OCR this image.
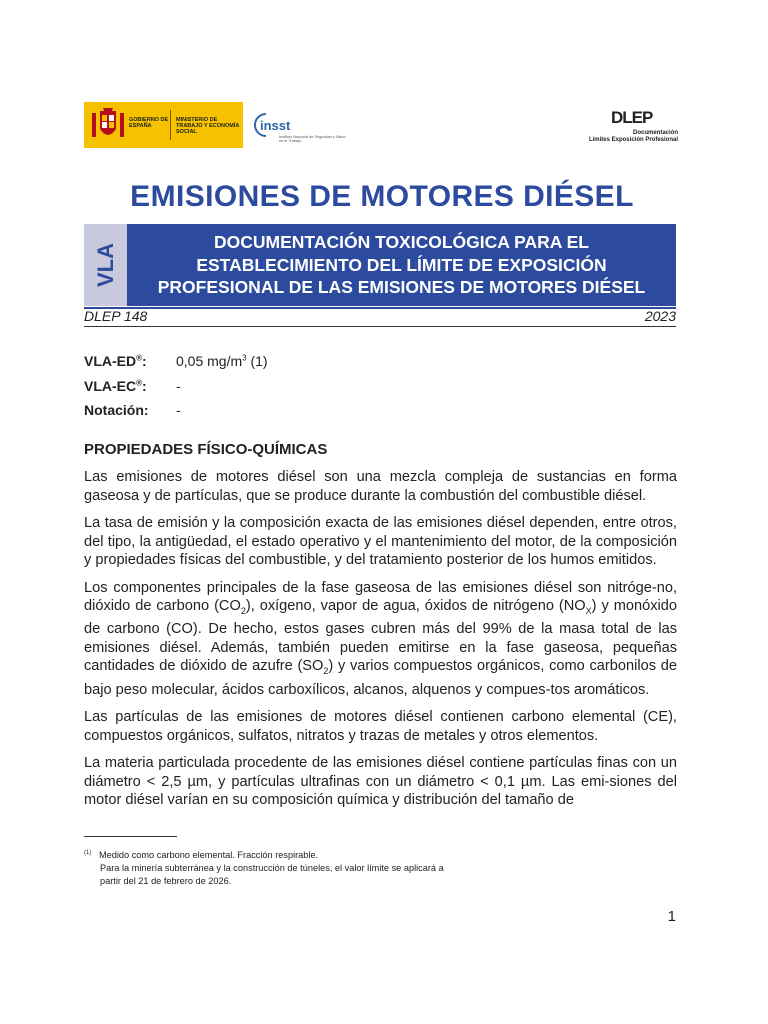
GOBIERNO DE ESPAÑA
MINISTERIO DE TRABAJO Y ECONOMÍA SOCIAL	insst
Instituto Nacional de Seguridad y Salud en el Trabajo
DLEP
Documentación
Límites Exposición Profesional
EMISIONES DE MOTORES DIÉSEL
VLA
DOCUMENTACIÓN TOXICOLÓGICA PARA EL
ESTABLECIMIENTO DEL LÍMITE DE EXPOSICIÓN
PROFESIONAL DE LAS EMISIONES DE MOTORES DIÉSEL
DLEP 148	2023
VLA-ED®: 0,05 $mg/m^3$ (1)
VLA-EC®: -
Notación: -
PROPIEDADES FÍSICO-QUÍMICAS

Las emisiones de motores diésel son una mezcla compleja de sustancias en forma gaseosa y de partículas, que se produce durante la combustión del combustible diésel.

La tasa de emisión y la composición exacta de las emisiones diésel dependen, entre otros, del tipo, la antigüedad, el estado operativo y el mantenimiento del motor, de la composición y propiedades físicas del combustible, y del tratamiento posterior de los humos emitidos.

Los componentes principales de la fase gaseosa de las emisiones diésel son nitróge-no, dióxido de carbono $(CO_2)$, oxígeno, vapor de agua, óxidos de nitrógeno $(NO_X)$ y monóxido de carbono (CO). De hecho, estos gases cubren más del 99% de la masa total de las emisiones diésel. Además, también pueden emitirse en la fase gaseosa, pequeñas cantidades de dióxido de azufre $(SO_2)$ y varios compuestos orgánicos, como carbonilos de bajo peso molecular, ácidos carboxílicos, alcanos, alquenos y compues-tos aromáticos.

Las partículas de las emisiones de motores diésel contienen carbono elemental (CE), compuestos orgánicos, sulfatos, nitratos y trazas de metales y otros elementos.

La materia particulada procedente de las emisiones diésel contiene partículas finas con un diámetro < 2,5 µm, y partículas ultrafinas con un diámetro < 0,1 µm. Las emi-siones del motor diésel varían en su composición química y distribución del tamaño de

$^{(1)}$ Medido como carbono elemental. Fracción respirable.
Para la minería subterránea y la construcción de túneles, el valor límite se aplicará a
partir del 21 de febrero de 2026.
1
